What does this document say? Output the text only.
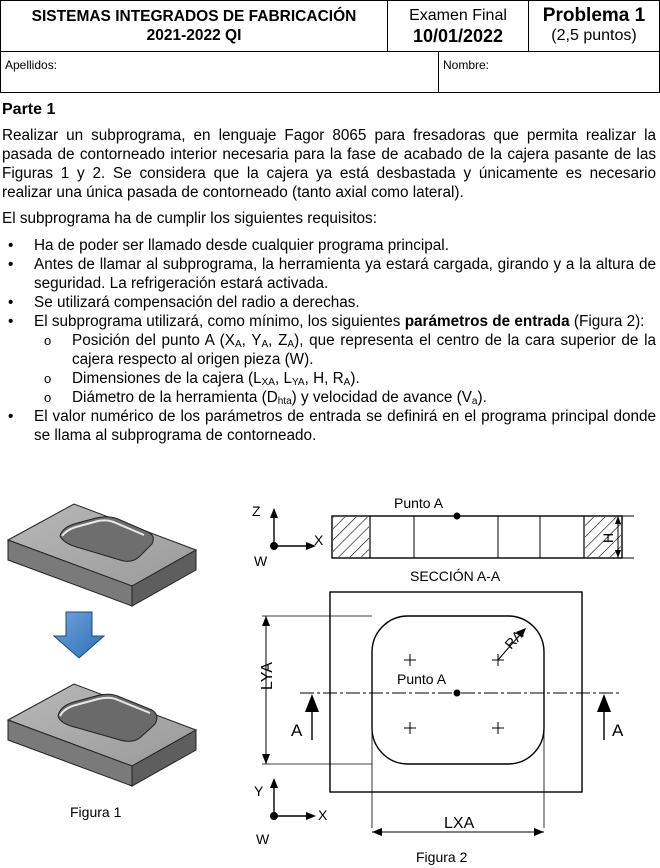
SISTEMAS INTEGRADOS DE FABRICACIÓN
2021-2022 QI
Examen Final
10/01/2022
Problema 1
(2,5 puntos)
Apellidos:	Nombre:
Parte 1

Realizar un subprograma, en lenguaje Fagor 8065 para fresadoras que permita realizar la pasada de contorneado interior necesaria para la fase de acabado de la cajera pasante de las Figuras 1 y 2. Se considera que la cajera ya está desbastada y únicamente es necesario realizar una única pasada de contorneado (tanto axial como lateral).

El subprograma ha de cumplir los siguientes requisitos:

• Ha de poder ser llamado desde cualquier programa principal.
• Antes de llamar al subprograma, la herramienta ya estará cargada, girando y a la altura de seguridad. La refrigeración estará activada.
• Se utilizará compensación del radio a derechas.
• El subprograma utilizará, como mínimo, los siguientes parámetros de entrada (Figura 2):
o Posición del punto A ($X_A$, $Y_A$, $Z_A$), que representa el centro de la cara superior de la cajera respecto al origen pieza (W).
o Dimensiones de la cajera ($L_{XA}$, $L_{YA}$, H, $R_A$).
o Diámetro de la herramienta $(D_{hta})$ y velocidad de avance $(V_a)$.
• El valor numérico de los parámetros de entrada se definirá en el programa principal donde se llama al subprograma de contorneado.
Figura 1
Punto A
H
SECCIÓN A-A
Z
X
W
RA
Punto A
LYA
LXA
A	A
Y
X
W
Figura 2
